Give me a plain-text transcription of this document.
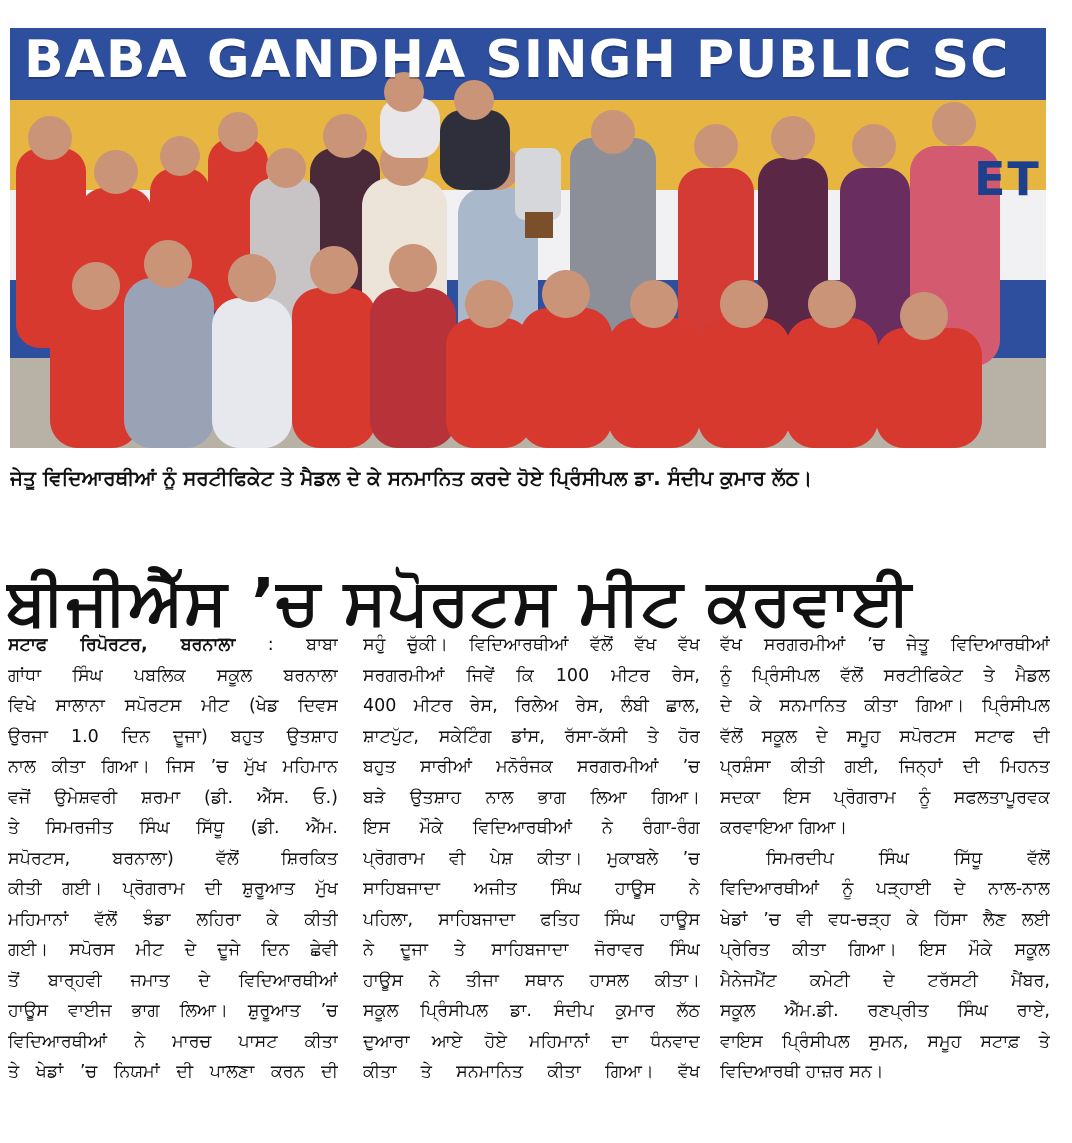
BABA GANDHA SINGH PUBLIC SC
ET
ਜੇਤੂ ਵਿਦਿਆਰਥੀਆਂ ਨੂੰ ਸਰਟੀਫਿਕੇਟ ਤੇ ਮੈਡਲ ਦੇ ਕੇ ਸਨਮਾਨਿਤ ਕਰਦੇ ਹੋਏ ਪ੍ਰਿੰਸੀਪਲ ਡਾ. ਸੰਦੀਪ ਕੁਮਾਰ ਲੱਠ।
ਬੀਜੀਐੱਸ ’ਚ ਸਪੋਰਟਸ ਮੀਟ ਕਰਵਾਈ
ਸਟਾਫ ਰਿਪੋਰਟਰ, ਬਰਨਾਲਾ : ਬਾਬਾ
ਗਾਂਧਾ ਸਿੰਘ ਪਬਲਿਕ ਸਕੂਲ ਬਰਨਾਲਾ
ਵਿਖੇ ਸਾਲਾਨਾ ਸਪੋਰਟਸ ਮੀਟ (ਖੇਡ ਦਿਵਸ
ਉਰਜਾ 1.0 ਦਿਨ ਦੂਜਾ) ਬਹੁਤ ਉਤਸ਼ਾਹ
ਨਾਲ ਕੀਤਾ ਗਿਆ। ਜਿਸ ’ਚ ਮੁੱਖ ਮਹਿਮਾਨ
ਵਜੋਂ ਉਮੇਸ਼ਵਰੀ ਸ਼ਰਮਾ (ਡੀ. ਐੱਸ. ਓ.)
ਤੇ ਸਿਮਰਜੀਤ ਸਿੰਘ ਸਿੱਧੂ (ਡੀ. ਐੱਮ.
ਸਪੋਰਟਸ, ਬਰਨਾਲਾ) ਵੱਲੋਂ ਸ਼ਿਰਕਿਤ
ਕੀਤੀ ਗਈ। ਪ੍ਰੋਗਰਾਮ ਦੀ ਸ਼ੁਰੂਆਤ ਮੁੱਖ
ਮਹਿਮਾਨਾਂ ਵੱਲੋਂ ਝੰਡਾ ਲਹਿਰਾ ਕੇ ਕੀਤੀ
ਗਈ। ਸਪੋਰਸ ਮੀਟ ਦੇ ਦੂਜੇ ਦਿਨ ਛੇਵੀ
ਤੋਂ ਬਾਰ੍ਹਵੀ ਜਮਾਤ ਦੇ ਵਿਦਿਆਰਥੀਆਂ
ਹਾਊਸ ਵਾਈਜ ਭਾਗ ਲਿਆ। ਸ਼ੁਰੂਆਤ ’ਚ
ਵਿਦਿਆਰਥੀਆਂ ਨੇ ਮਾਰਚ ਪਾਸਟ ਕੀਤਾ
ਤੇ ਖੇਡਾਂ ’ਚ ਨਿਯਮਾਂ ਦੀ ਪਾਲਣਾ ਕਰਨ ਦੀ
ਸਹੁੰ ਚੁੱਕੀ। ਵਿਦਿਆਰਥੀਆਂ ਵੱਲੋਂ ਵੱਖ ਵੱਖ
ਸਰਗਰਮੀਆਂ ਜਿਵੇਂ ਕਿ 100 ਮੀਟਰ ਰੇਸ,
400 ਮੀਟਰ ਰੇਸ, ਰਿਲੇਅ ਰੇਸ, ਲੰਬੀ ਛਾਲ,
ਸ਼ਾਟਪੁੱਟ, ਸਕੇਟਿੰਗ ਡਾਂਸ, ਰੱਸਾ-ਕੱਸੀ ਤੇ ਹੋਰ
ਬਹੁਤ ਸਾਰੀਆਂ ਮਨੋਰੰਜਕ ਸਰਗਰਮੀਆਂ ’ਚ
ਬੜੇ ਉਤਸ਼ਾਹ ਨਾਲ ਭਾਗ ਲਿਆ ਗਿਆ।
ਇਸ ਮੌਕੇ ਵਿਦਿਆਰਥੀਆਂ ਨੇ ਰੰਗਾ-ਰੰਗ
ਪ੍ਰੋਗਰਾਮ ਵੀ ਪੇਸ਼ ਕੀਤਾ। ਮੁਕਾਬਲੇ ’ਚ
ਸਾਹਿਬਜਾਦਾ ਅਜੀਤ ਸਿੰਘ ਹਾਊਸ ਨੇ
ਪਹਿਲਾ, ਸਾਹਿਬਜਾਦਾ ਫਤਿਹ ਸਿੰਘ ਹਾਊਸ
ਨੇ ਦੂਜਾ ਤੇ ਸਾਹਿਬਜਾਦਾ ਜੋਰਾਵਰ ਸਿੰਘ
ਹਾਊਸ ਨੇ ਤੀਜਾ ਸਥਾਨ ਹਾਸਲ ਕੀਤਾ।
ਸਕੂਲ ਪ੍ਰਿੰਸੀਪਲ ਡਾ. ਸੰਦੀਪ ਕੁਮਾਰ ਲੱਠ
ਦੁਆਰਾ ਆਏ ਹੋਏ ਮਹਿਮਾਨਾਂ ਦਾ ਧੰਨਵਾਦ
ਕੀਤਾ ਤੇ ਸਨਮਾਨਿਤ ਕੀਤਾ ਗਿਆ। ਵੱਖ
ਵੱਖ ਸਰਗਰਮੀਆਂ ’ਚ ਜੇਤੂ ਵਿਦਿਆਰਥੀਆਂ
ਨੂੰ ਪ੍ਰਿੰਸੀਪਲ ਵੱਲੋਂ ਸਰਟੀਫਿਕੇਟ ਤੇ ਮੈਡਲ
ਦੇ ਕੇ ਸਨਮਾਨਿਤ ਕੀਤਾ ਗਿਆ। ਪ੍ਰਿੰਸੀਪਲ
ਵੱਲੋਂ ਸਕੂਲ ਦੇ ਸਮੂਹ ਸਪੋਰਟਸ ਸਟਾਫ ਦੀ
ਪ੍ਰਸ਼ੰਸਾ ਕੀਤੀ ਗਈ, ਜਿਨ੍ਹਾਂ ਦੀ ਮਿਹਨਤ
ਸਦਕਾ ਇਸ ਪ੍ਰੋਗਰਾਮ ਨੂੰ ਸਫਲਤਾਪੂਰਵਕ
ਕਰਵਾਇਆ ਗਿਆ।
ਸਿਮਰਦੀਪ ਸਿੰਘ ਸਿੱਧੂ ਵੱਲੋਂ
ਵਿਦਿਆਰਥੀਆਂ ਨੂੰ ਪੜ੍ਹਾਈ ਦੇ ਨਾਲ-ਨਾਲ
ਖੇਡਾਂ ’ਚ ਵੀ ਵਧ-ਚੜ੍ਹ ਕੇ ਹਿੱਸਾ ਲੈਣ ਲਈ
ਪ੍ਰੇਰਿਤ ਕੀਤਾ ਗਿਆ। ਇਸ ਮੌਕੇ ਸਕੂਲ
ਮੈਨੇਜਮੈਂਟ ਕਮੇਟੀ ਦੇ ਟਰੱਸਟੀ ਮੈਂਬਰ,
ਸਕੂਲ ਐੱਮ.ਡੀ. ਰਣਪ੍ਰੀਤ ਸਿੰਘ ਰਾਏ,
ਵਾਇਸ ਪ੍ਰਿੰਸੀਪਲ ਸੁਮਨ, ਸਮੂਹ ਸਟਾਫ਼ ਤੇ
ਵਿਦਿਆਰਥੀ ਹਾਜ਼ਰ ਸਨ।
